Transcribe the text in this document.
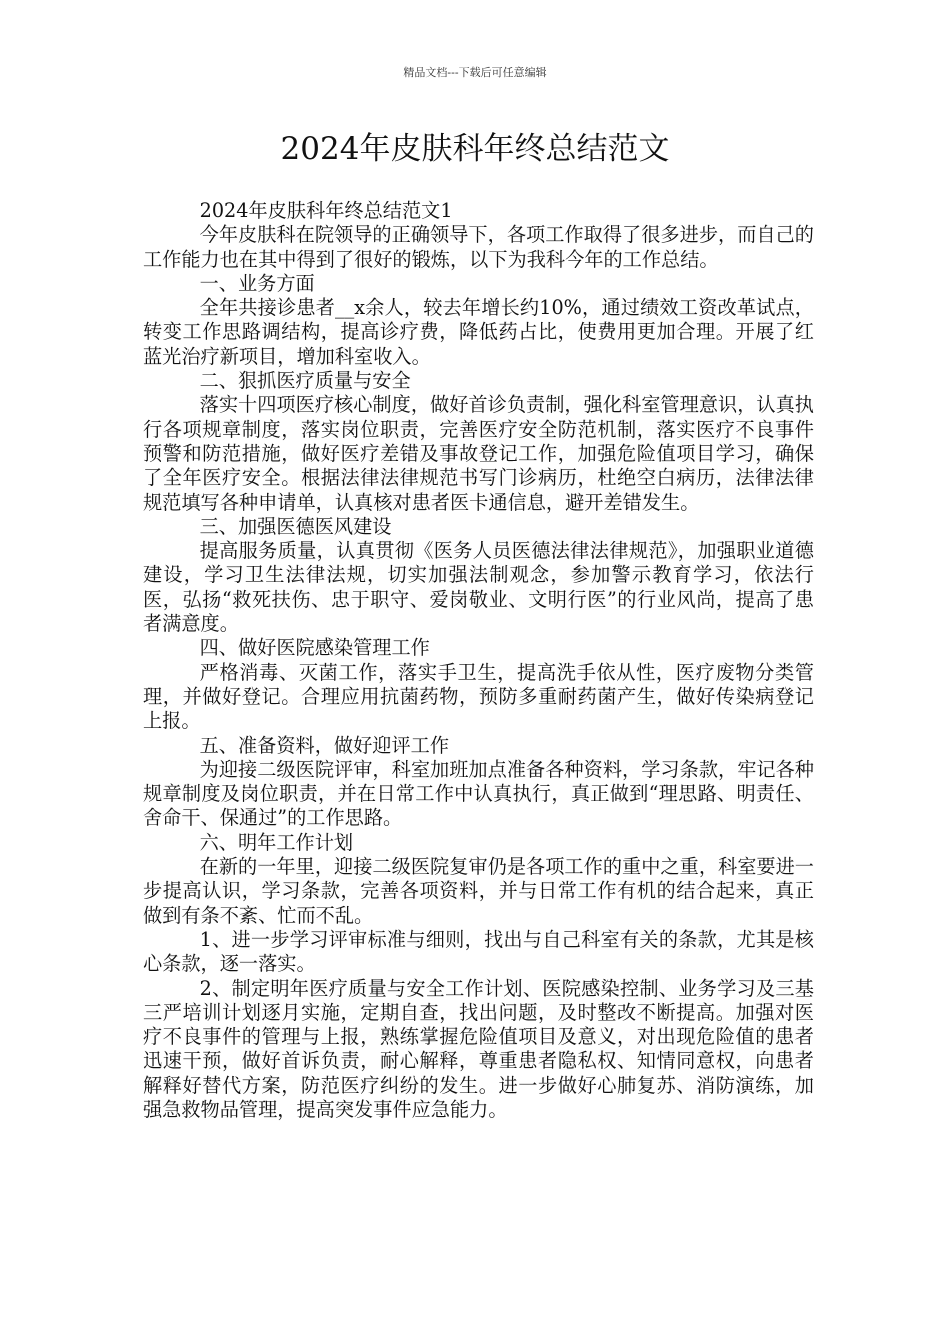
精品文档---下载后可任意编辑
2024年皮肤科年终总结范文

2024年皮肤科年终总结范文1

今年皮肤科在院领导的正确领导下，各项工作取得了很多进步，而自己的工作能力也在其中得到了很好的锻炼，以下为我科今年的工作总结。

一、业务方面

全年共接诊患者__x余人，较去年增长约10%，通过绩效工资改革试点，转变工作思路调结构，提高诊疗费，降低药占比，使费用更加合理。开展了红蓝光治疗新项目，增加科室收入。

二、狠抓医疗质量与安全

落实十四项医疗核心制度，做好首诊负责制，强化科室管理意识，认真执行各项规章制度，落实岗位职责，完善医疗安全防范机制，落实医疗不良事件预警和防范措施，做好医疗差错及事故登记工作，加强危险值项目学习，确保了全年医疗安全。根据法律法律规范书写门诊病历，杜绝空白病历，法律法律规范填写各种申请单，认真核对患者医卡通信息，避开差错发生。

三、加强医德医风建设

提高服务质量，认真贯彻《医务人员医德法律法律规范》，加强职业道德建设，学习卫生法律法规，切实加强法制观念，参加警示教育学习，依法行医，弘扬“救死扶伤、忠于职守、爱岗敬业、文明行医”的行业风尚，提高了患者满意度。

四、做好医院感染管理工作

严格消毒、灭菌工作，落实手卫生，提高洗手依从性，医疗废物分类管理，并做好登记。合理应用抗菌药物，预防多重耐药菌产生，做好传染病登记上报。

五、准备资料，做好迎评工作

为迎接二级医院评审，科室加班加点准备各种资料，学习条款，牢记各种规章制度及岗位职责，并在日常工作中认真执行，真正做到“理思路、明责任、舍命干、保通过”的工作思路。

六、明年工作计划

在新的一年里，迎接二级医院复审仍是各项工作的重中之重，科室要进一步提高认识，学习条款，完善各项资料，并与日常工作有机的结合起来，真正做到有条不紊、忙而不乱。

1、进一步学习评审标准与细则，找出与自己科室有关的条款，尤其是核心条款，逐一落实。

2、制定明年医疗质量与安全工作计划、医院感染控制、业务学习及三基三严培训计划逐月实施，定期自查，找出问题，及时整改不断提高。加强对医疗不良事件的管理与上报，熟练掌握危险值项目及意义，对出现危险值的患者迅速干预，做好首诉负责，耐心解释，尊重患者隐私权、知情同意权，向患者解释好替代方案，防范医疗纠纷的发生。进一步做好心肺复苏、消防演练，加强急救物品管理，提高突发事件应急能力。
